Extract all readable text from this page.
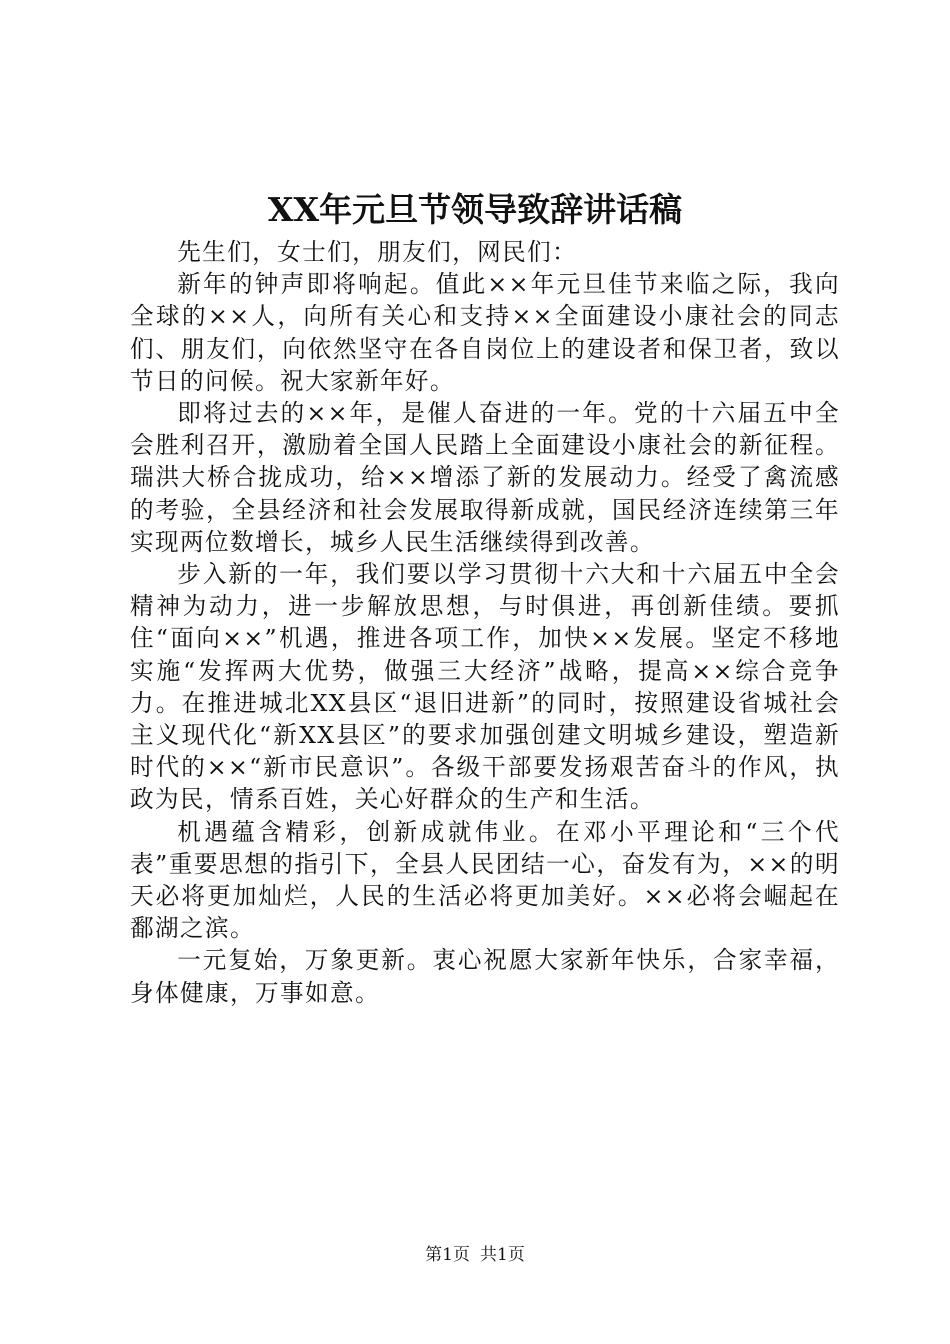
XX年元旦节领导致辞讲话稿

先生们，女士们，朋友们，网民们：

新年的钟声即将响起。值此××年元旦佳节来临之际，我向全球的××人，向所有关心和支持××全面建设小康社会的同志们、朋友们，向依然坚守在各自岗位上的建设者和保卫者，致以节日的问候。祝大家新年好。

即将过去的××年，是催人奋进的一年。党的十六届五中全会胜利召开，激励着全国人民踏上全面建设小康社会的新征程。瑞洪大桥合拢成功，给××增添了新的发展动力。经受了禽流感的考验，全县经济和社会发展取得新成就，国民经济连续第三年实现两位数增长，城乡人民生活继续得到改善。

步入新的一年，我们要以学习贯彻十六大和十六届五中全会精神为动力，进一步解放思想，与时俱进，再创新佳绩。要抓住“面向××”机遇，推进各项工作，加快××发展。坚定不移地实施“发挥两大优势，做强三大经济”战略，提高××综合竞争力。在推进城北XX县区“退旧进新”的同时，按照建设省城社会主义现代化“新XX县区”的要求加强创建文明城乡建设，塑造新时代的××“新市民意识”。各级干部要发扬艰苦奋斗的作风，执政为民，情系百姓，关心好群众的生产和生活。

机遇蕴含精彩，创新成就伟业。在邓小平理论和“三个代表”重要思想的指引下，全县人民团结一心，奋发有为，××的明天必将更加灿烂，人民的生活必将更加美好。××必将会崛起在鄱湖之滨。

一元复始，万象更新。衷心祝愿大家新年快乐，合家幸福，身体健康，万事如意。

第1页 共1页
